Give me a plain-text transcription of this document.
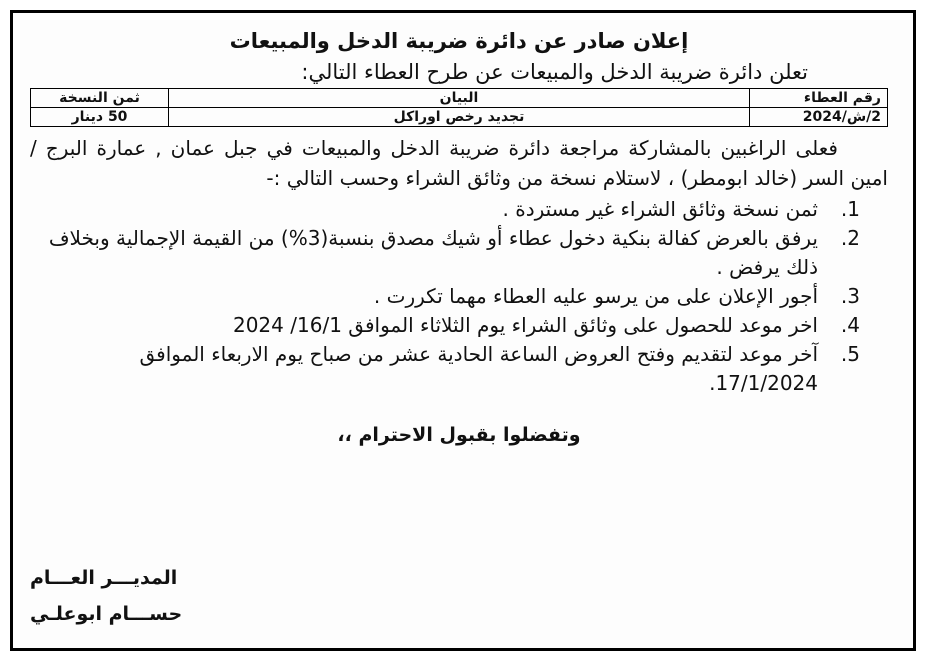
إعلان صادر عن دائرة ضريبة الدخل والمبيعات
تعلن دائرة ضريبة الدخل والمبيعات عن طرح العطاء التالي:
رقم العطاء	البيان	ثمن النسخة
2/ش/2024	تجديد رخص اوراكل	50 دينار

فعلى الراغبين بالمشاركة مراجعة دائرة ضريبة الدخل والمبيعات في جبل عمان , عمارة البرج / امين السر (خالد ابومطر) ، لاستلام نسخة من وثائق الشراء وحسب التالي :-

1.
ثمن نسخة وثائق الشراء غير مستردة .
2.
يرفق بالعرض كفالة بنكية دخول عطاء أو شيك مصدق بنسبة(3%) من القيمة الإجمالية وبخلاف ذلك يرفض .
3.
أجور الإعلان على من يرسو عليه العطاء مهما تكررت .
4.
اخر موعد للحصول على وثائق الشراء يوم الثلاثاء الموافق 16/1/ 2024
5.
آخر موعد لتقديم وفتح العروض الساعة الحادية عشر من صباح يوم الاربعاء الموافق 17/1/2024.
وتفضلوا بقبول الاحترام ،،
المديـــر العـــام
حســـام ابوعلـي
